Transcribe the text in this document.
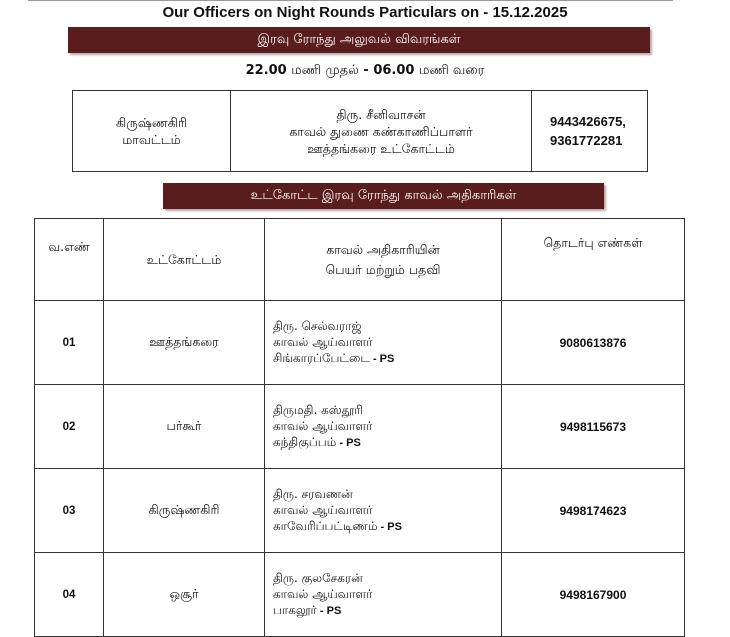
Our Officers on Night Rounds Particulars on - 15.12.2025
இரவு ரோந்து அலுவல் விவரங்கள்
22.00 மணி முதல் - 06.00 மணி வரை
கிருஷ்ணகிரி
மாவட்டம்

திரு. சீனிவாசன்
காவல் துணை கண்காணிப்பாளர்
ஊத்தங்கரை உட்கோட்டம்

9443426675,
9361772281
உட்கோட்ட இரவு ரோந்து காவல் அதிகாரிகள்
வ.எண்	உட்கோட்டம்	காவல் அதிகாரியின்
பெயர் மற்றும் பதவி	தொடர்பு எண்கள்
01	ஊத்தங்கரை	திரு. செல்வராஜ்
காவல் ஆய்வாளர்
சிங்காரப்பேட்டை - PS	9080613876
02	பர்கூர்	திருமதி. கஸ்தூரி
காவல் ஆய்வாளர்
கந்திகுப்பம் - PS	9498115673
03	கிருஷ்ணகிரி	திரு. சரவணன்
காவல் ஆய்வாளர்
காவேரிப்பட்டிணம் - PS	9498174623
04	ஒசூர்	திரு. குலசேகரன்
காவல் ஆய்வாளர்
பாகலூர் - PS	9498167900
